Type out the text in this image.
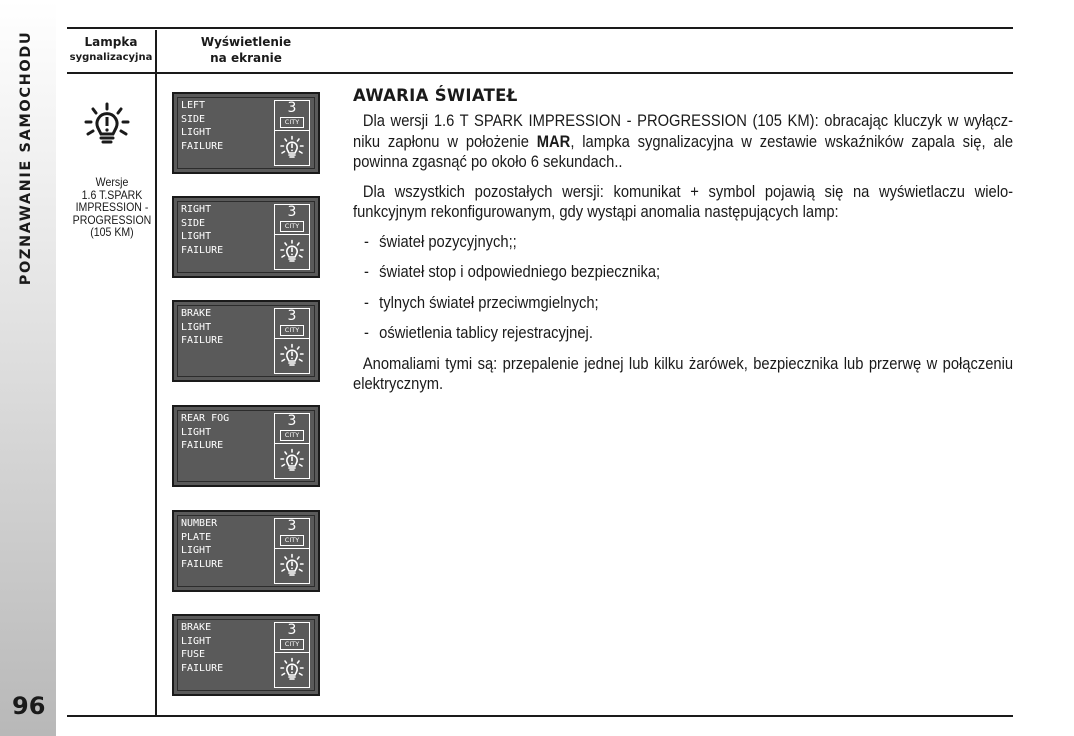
POZNAWANIE SAMOCHODU
96
Lampka
sygnalizacyjna
Wyświetlenie
na ekranie
Wersje
1.6 T.SPARK
IMPRESSION -
PROGRESSION
(105 KM)
LEFT
SIDE
LIGHT
FAILURE
3
CITY
RIGHT
SIDE
LIGHT
FAILURE
3
CITY
BRAKE
LIGHT
FAILURE
3
CITY
REAR FOG
LIGHT
FAILURE
3
CITY
NUMBER
PLATE
LIGHT
FAILURE
3
CITY
BRAKE
LIGHT
FUSE
FAILURE
3
CITY
AWARIA ŚWIATEŁ

Dla wersji 1.6 T SPARK IMPRESSION - PROGRESSION (105 KM): obracając kluczyk w wyłączniku zapłonu w położenie MAR, lampka sygnalizacyjna w zestawie wskaźników zapala się, ale powinna zgasnąć po około 6 sekundach..

Dla wszystkich pozostałych wersji: komunikat + symbol pojawią się na wyświetlaczu wielofunkcyjnym rekonfigurowanym, gdy wystąpi anomalia następujących lamp:

- świateł pozycyjnych;;
- świateł stop i odpowiedniego bezpiecznika;
- tylnych świateł przeciwmgielnych;
- oświetlenia tablicy rejestracyjnej.

Anomaliami tymi są: przepalenie jednej lub kilku żarówek, bezpiecznika lub przerwę w połączeniu elektrycznym.
